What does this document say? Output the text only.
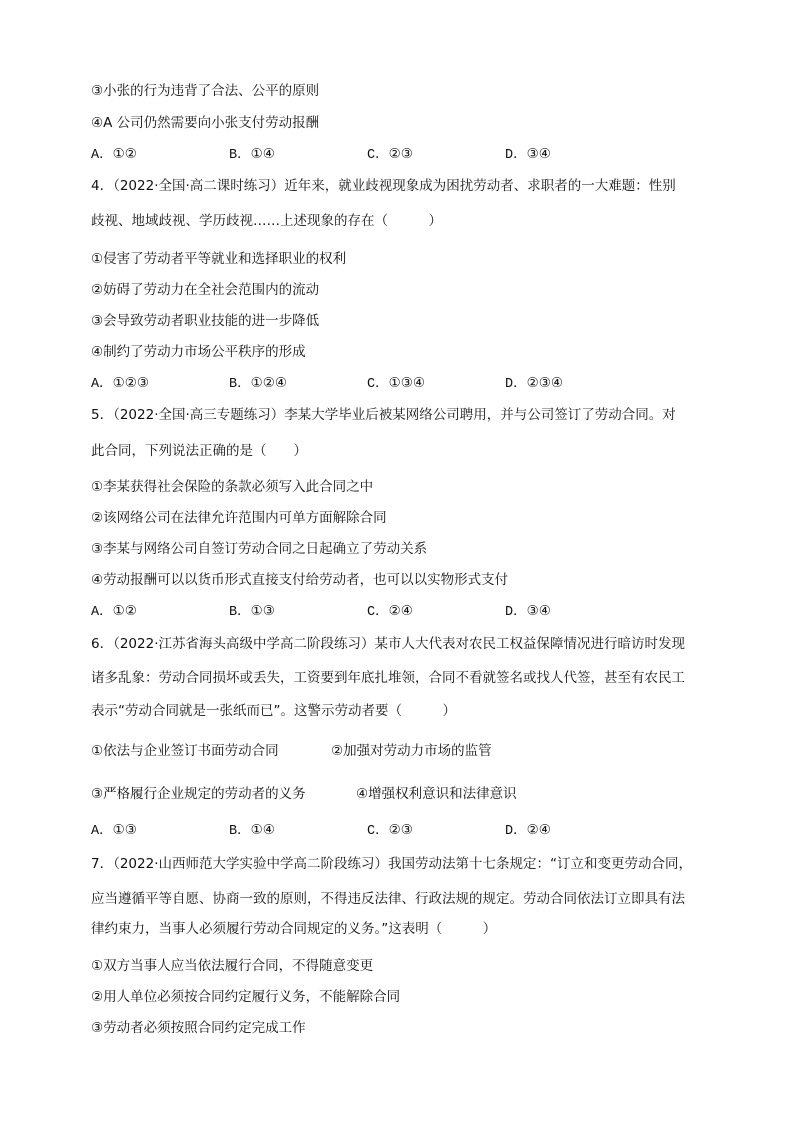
③小张的行为违背了合法、公平的原则
④A 公司仍然需要向小张支付劳动报酬
A．①②	B．①④	C．②③	D．③④
4．（2022·全国·高二课时练习）近年来，就业歧视现象成为困扰劳动者、求职者的一大难题：性别
歧视、地域歧视、学历歧视……上述现象的存在（　　　）
①侵害了劳动者平等就业和选择职业的权利
②妨碍了劳动力在全社会范围内的流动
③会导致劳动者职业技能的进一步降低
④制约了劳动力市场公平秩序的形成
A．①②③	B．①②④	C．①③④	D．②③④
5．（2022·全国·高三专题练习）李某大学毕业后被某网络公司聘用，并与公司签订了劳动合同。对
此合同，下列说法正确的是（　　）
①李某获得社会保险的条款必须写入此合同之中
②该网络公司在法律允许范围内可单方面解除合同
③李某与网络公司自签订劳动合同之日起确立了劳动关系
④劳动报酬可以以货币形式直接支付给劳动者，也可以以实物形式支付
A．①②	B．①③	C．②④	D．③④
6．（2022·江苏省海头高级中学高二阶段练习）某市人大代表对农民工权益保障情况进行暗访时发现
诸多乱象：劳动合同损坏或丢失，工资要到年底扎堆领，合同不看就签名或找人代签，甚至有农民工
表示“劳动合同就是一张纸而已”。这警示劳动者要（　　　）
①依法与企业签订书面劳动合同	②加强对劳动力市场的监管
③严格履行企业规定的劳动者的义务	④增强权利意识和法律意识
A．①③	B．①④	C．②③	D．②④
7．（2022·山西师范大学实验中学高二阶段练习）我国劳动法第十七条规定：“订立和变更劳动合同，
应当遵循平等自愿、协商一致的原则，不得违反法律、行政法规的规定。劳动合同依法订立即具有法
律约束力，当事人必须履行劳动合同规定的义务。”这表明（　　　）
①双方当事人应当依法履行合同，不得随意变更
②用人单位必须按合同约定履行义务，不能解除合同
③劳动者必须按照合同约定完成工作
